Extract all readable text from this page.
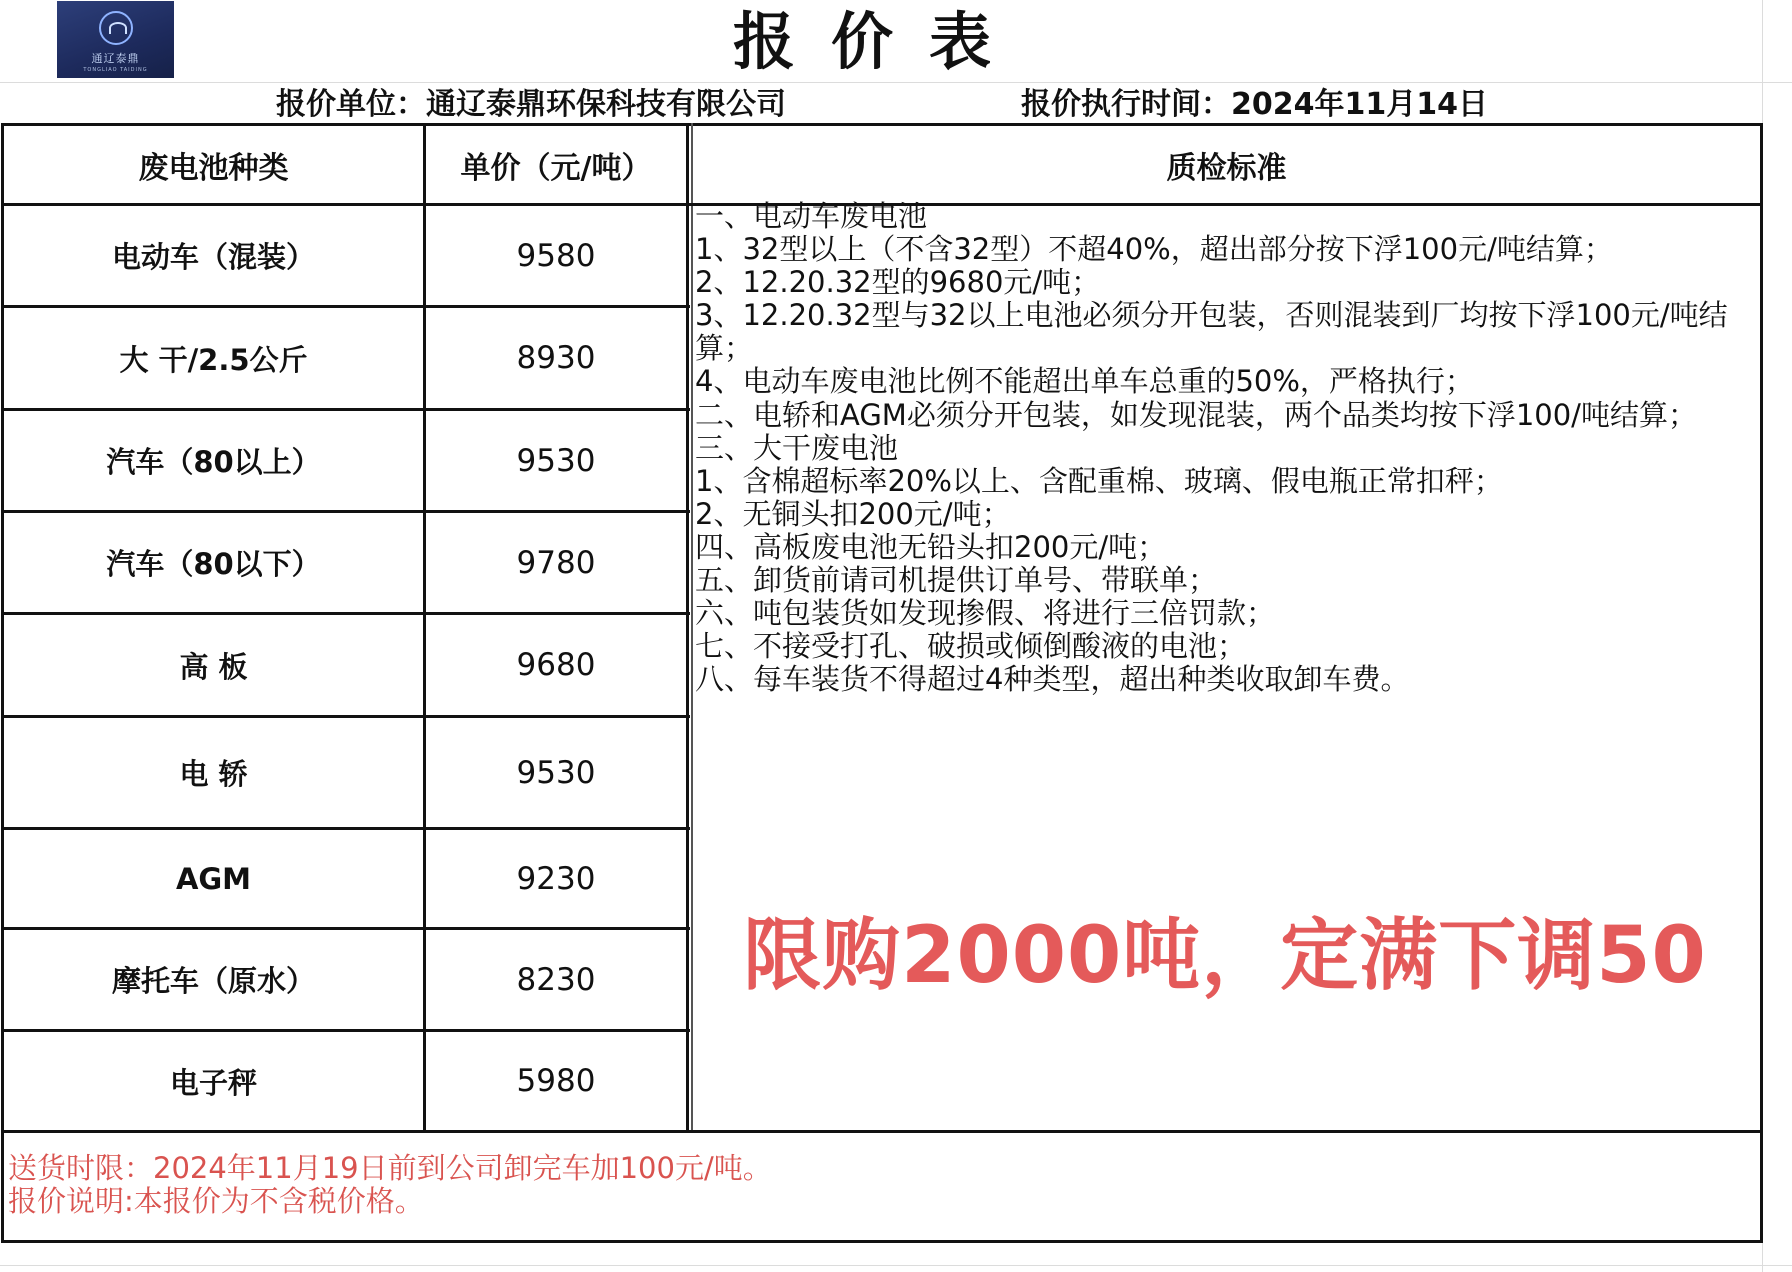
通辽泰鼎
TONGLIAO TAIDING	报价表
报价单位：通辽泰鼎环保科技有限公司	报价执行时间：2024年11月14日
废电池种类	单价（元/吨）	质检标准
电动车（混装）	9580
大 干/2.5公斤	8930
汽车（80以上）	9530
汽车（80以下）	9780
高 板	9680
电 轿	9530
AGM	9230
摩托车（原水）	8230
电子秤	5980
一、电动车废电池
1、32型以上（不含32型）不超40%，超出部分按下浮100元/吨结算；
2、12.20.32型的9680元/吨；
3、12.20.32型与32以上电池必须分开包装，否则混装到厂均按下浮100元/吨结算；
4、电动车废电池比例不能超出单车总重的50%，严格执行；
二、电轿和AGM必须分开包装，如发现混装，两个品类均按下浮100/吨结算；
三、大干废电池
1、含棉超标率20%以上、含配重棉、玻璃、假电瓶正常扣秤；
2、无铜头扣200元/吨；
四、高板废电池无铅头扣200元/吨；
五、卸货前请司机提供订单号、带联单；
六、吨包装货如发现掺假、将进行三倍罚款；
七、不接受打孔、破损或倾倒酸液的电池；
八、每车装货不得超过4种类型，超出种类收取卸车费。
限购2000吨，定满下调50
送货时限：2024年11月19日前到公司卸完车加100元/吨。
报价说明:本报价为不含税价格。
